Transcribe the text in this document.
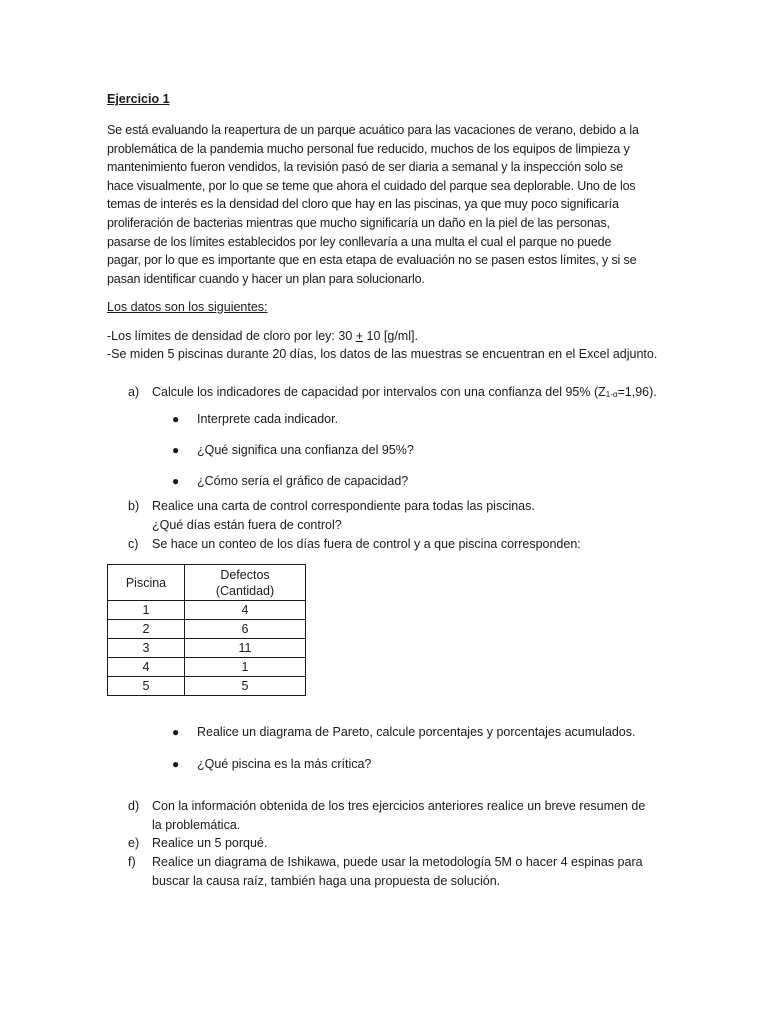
Ejercicio 1
Se está evaluando la reapertura de un parque acuático para las vacaciones de verano, debido a la
problemática de la pandemia mucho personal fue reducido, muchos de los equipos de limpieza y
mantenimiento fueron vendidos, la revisión pasó de ser diaria a semanal y la inspección solo se
hace visualmente, por lo que se teme que ahora el cuidado del parque sea deplorable. Uno de los
temas de interés es la densidad del cloro que hay en las piscinas, ya que muy poco significaría
proliferación de bacterias mientras que mucho significaría un daño en la piel de las personas,
pasarse de los límites establecidos por ley conllevaría a una multa el cual el parque no puede
pagar, por lo que es importante que en esta etapa de evaluación no se pasen estos límites, y si se
pasan identificar cuando y hacer un plan para solucionarlo.
Los datos son los siguientes:
-Los límites de densidad de cloro por ley: 30 + 10 [g/ml].
-Se miden 5 piscinas durante 20 días, los datos de las muestras se encuentran en el Excel adjunto.
a) Calcule los indicadores de capacidad por intervalos con una confianza del 95% $(Z_{1-\alpha}=1,96)$.
● Interprete cada indicador.
● ¿Qué significa una confianza del 95%?
● ¿Cómo sería el gráfico de capacidad?
b) Realice una carta de control correspondiente para todas las piscinas.
¿Qué días están fuera de control?
c) Se hace un conteo de los días fuera de control y a que piscina corresponden:
Piscina	Defectos
(Cantidad)
1	4
2	6
3	11
4	1
5	5
● Realice un diagrama de Pareto, calcule porcentajes y porcentajes acumulados.
● ¿Qué piscina es la más crítica?
d) Con la información obtenida de los tres ejercicios anteriores realice un breve resumen de
la problemática.
e) Realice un 5 porqué.
f) Realice un diagrama de Ishikawa, puede usar la metodología 5M o hacer 4 espinas para
buscar la causa raíz, también haga una propuesta de solución.
